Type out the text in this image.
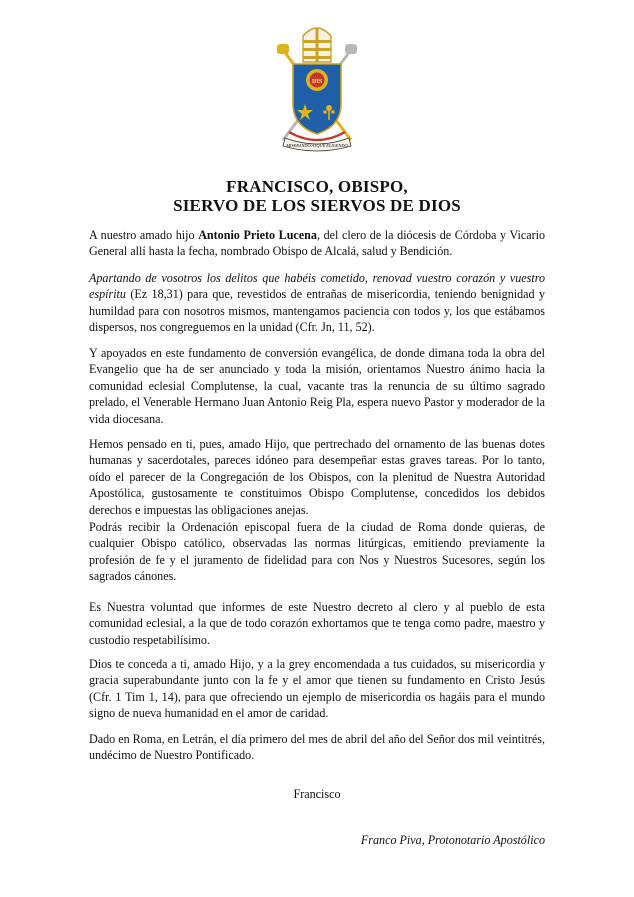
IHS
MISERANDO ATQUE ELIGENDO
FRANCISCO, OBISPO,
SIERVO DE LOS SIERVOS DE DIOS

A nuestro amado hijo Antonio Prieto Lucena, del clero de la diócesis de Córdoba y Vicario General allí hasta la fecha, nombrado Obispo de Alcalá, salud y Bendición.

Apartando de vosotros los delitos que habéis cometido, renovad vuestro corazón y vuestro espíritu (Ez 18,31) para que, revestidos de entrañas de misericordia, teniendo benignidad y humildad para con nosotros mismos, mantengamos paciencia con todos y, los que estábamos dispersos, nos congreguemos en la unidad (Cfr. Jn, 11, 52).

Y apoyados en este fundamento de conversión evangélica, de donde dimana toda la obra del Evangelio que ha de ser anunciado y toda la misión, orientamos Nuestro ánimo hacia la comunidad eclesial Complutense, la cual, vacante tras la renuncia de su último sagrado prelado, el Venerable Hermano Juan Antonio Reig Pla, espera nuevo Pastor y moderador de la vida diocesana.

Hemos pensado en ti, pues, amado Hijo, que pertrechado del ornamento de las buenas dotes humanas y sacerdotales, pareces idóneo para desempeñar estas graves tareas. Por lo tanto, oído el parecer de la Congregación de los Obispos, con la plenitud de Nuestra Autoridad Apostólica, gustosamente te constituimos Obispo Complutense, concedidos los debidos derechos e impuestas las obligaciones anejas.

Podrás recibir la Ordenación episcopal fuera de la ciudad de Roma donde quieras, de cualquier Obispo católico, observadas las normas litúrgicas, emitiendo previamente la profesión de fe y el juramento de fidelidad para con Nos y Nuestros Sucesores, según los sagrados cánones.

Es Nuestra voluntad que informes de este Nuestro decreto al clero y al pueblo de esta comunidad eclesial, a la que de todo corazón exhortamos que te tenga como padre, maestro y custodio respetabilísimo.

Dios te conceda a ti, amado Hijo, y a la grey encomendada a tus cuidados, su misericordia y gracia superabundante junto con la fe y el amor que tienen su fundamento en Cristo Jesús (Cfr. 1 Tim 1, 14), para que ofreciendo un ejemplo de misericordia os hagáis para el mundo signo de nueva humanidad en el amor de caridad.

Dado en Roma, en Letrán, el día primero del mes de abril del año del Señor dos mil veintitrés, undécimo de Nuestro Pontificado.

Francisco
Franco Piva, Protonotario Apostólico
